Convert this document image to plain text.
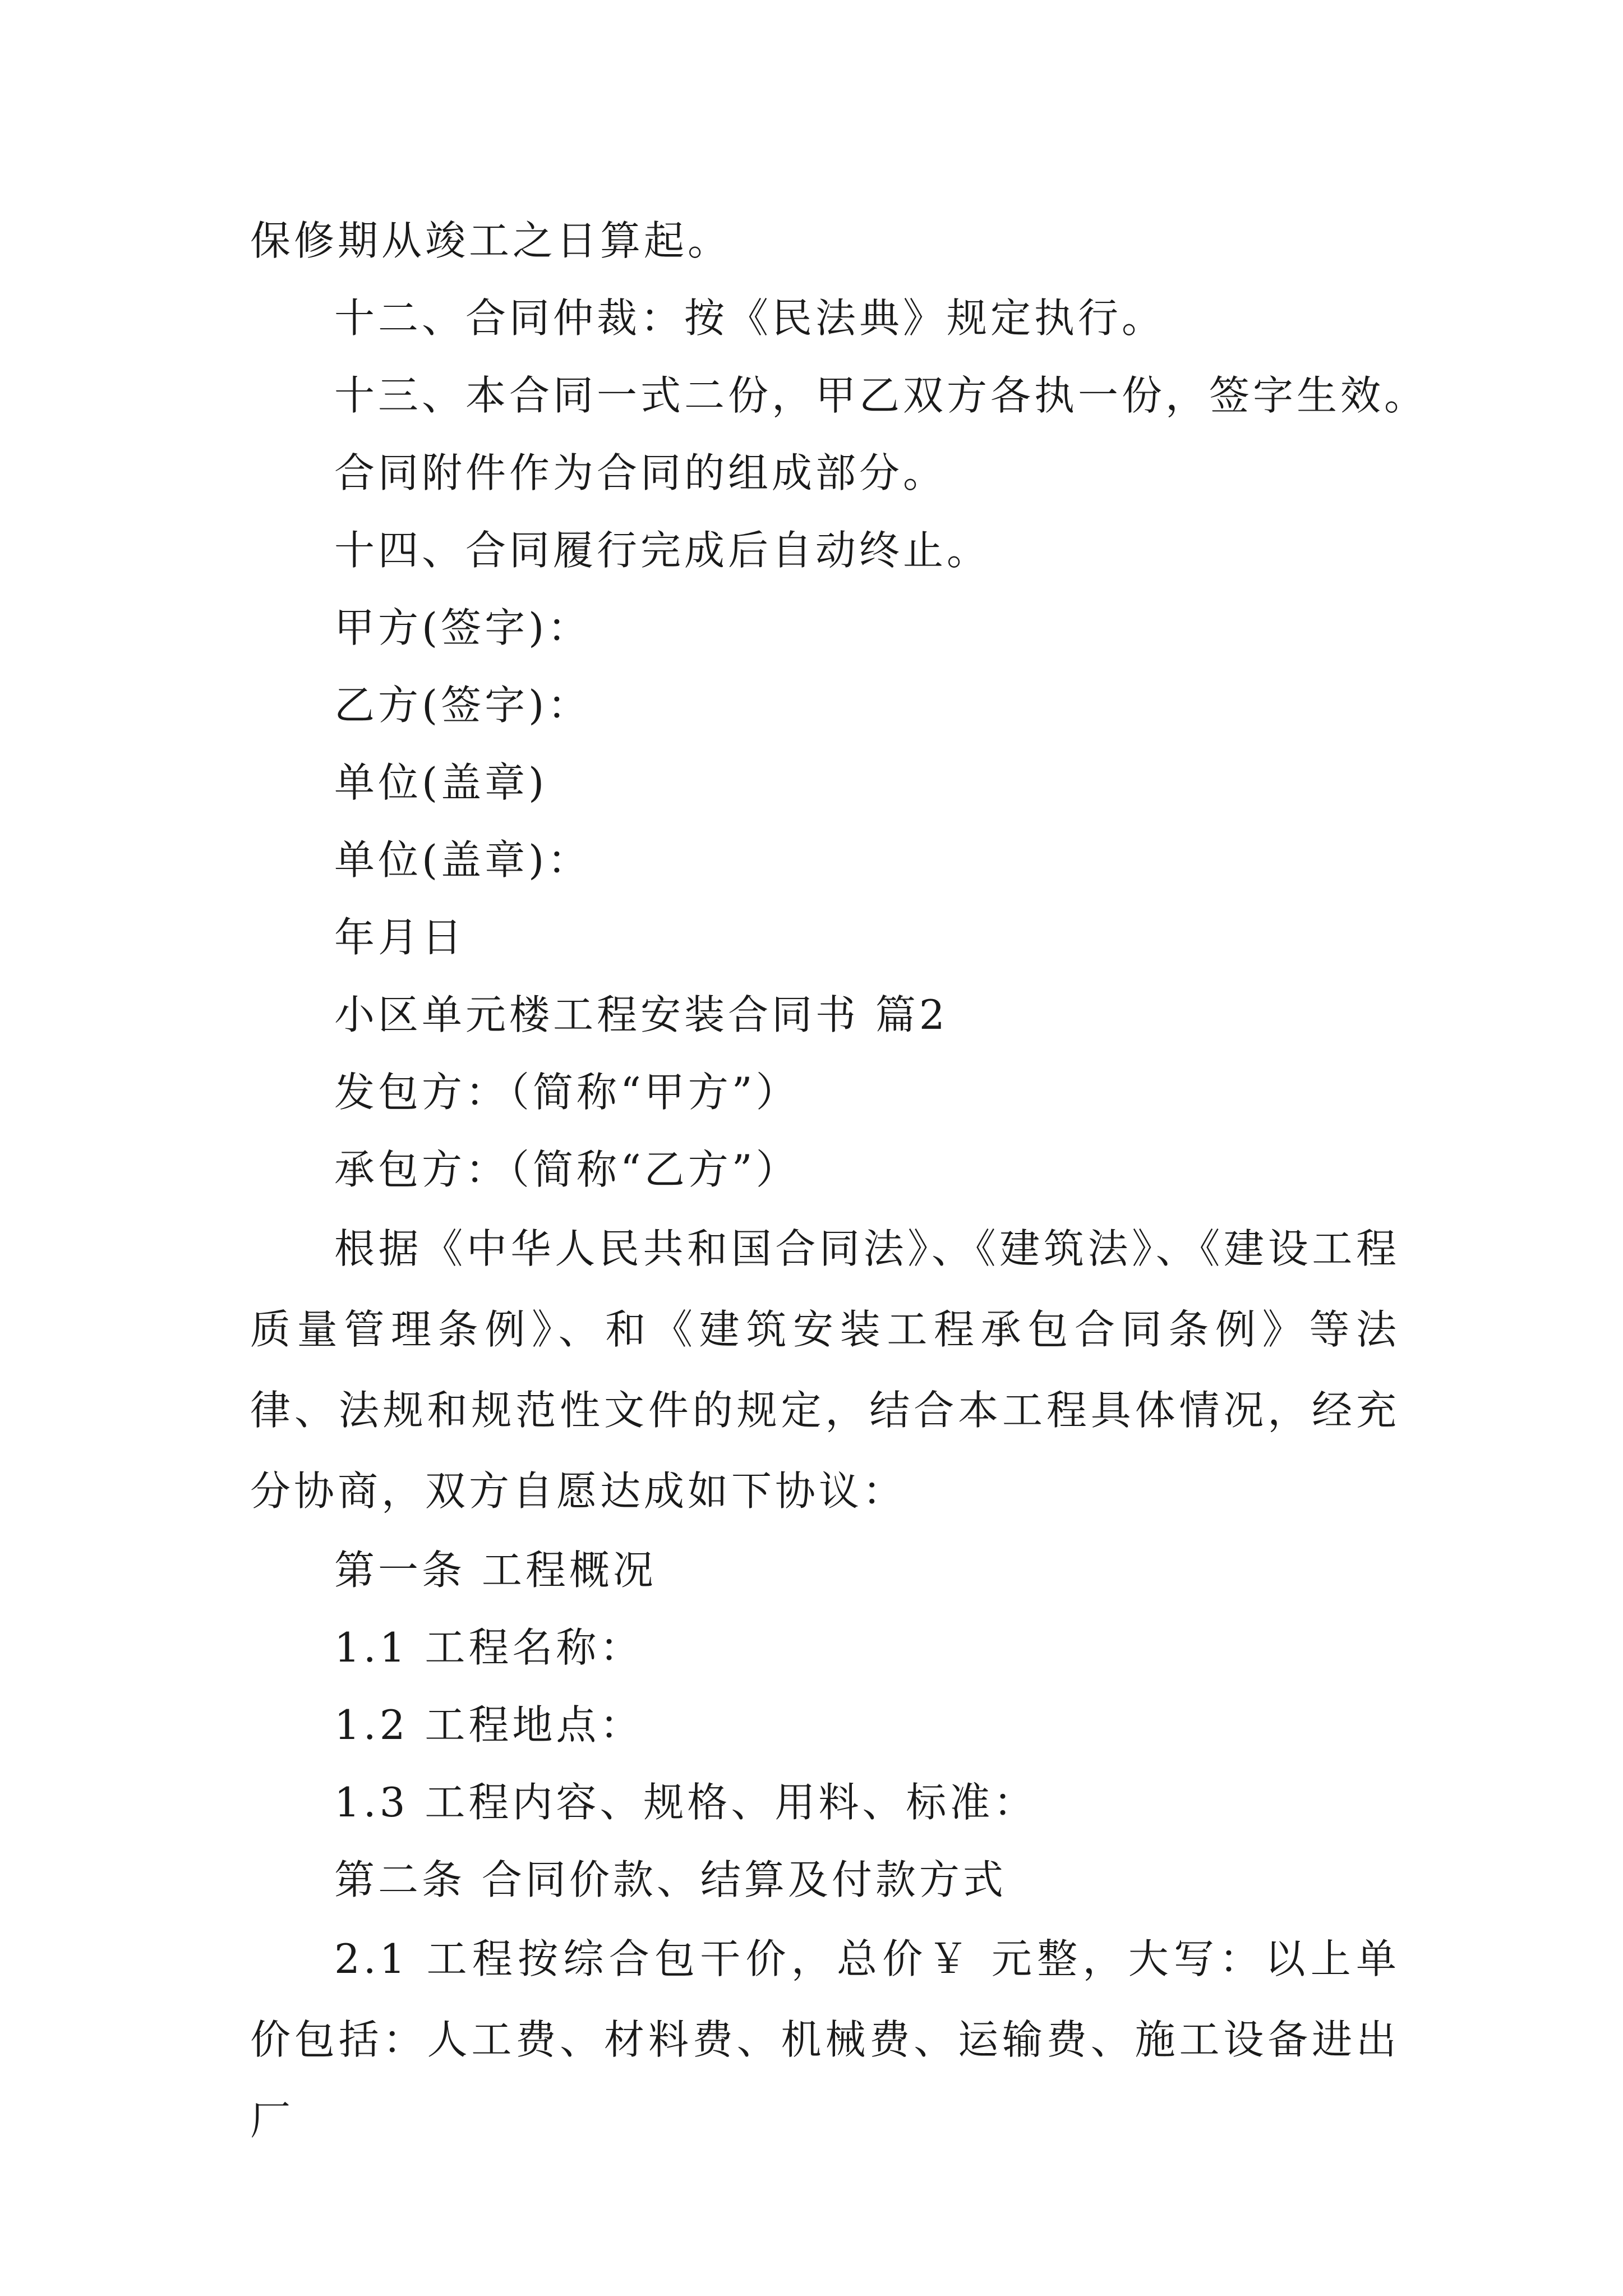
保修期从竣工之日算起。
十二、合同仲裁：按《民法典》规定执行。
十三、本合同一式二份，甲乙双方各执一份，签字生效。
合同附件作为合同的组成部分。
十四、合同履行完成后自动终止。
甲方(签字)：
乙方(签字)：
单位(盖章)
单位(盖章)：
年月日
小区单元楼工程安装合同书 篇2
发包方：（简称“甲方”）
承包方：（简称“乙方”）
根据《中华人民共和国合同法》、《建筑法》、《建设工程质量管理条例》、和《建筑安装工程承包合同条例》等法律、法规和规范性文件的规定，结合本工程具体情况，经充分协商，双方自愿达成如下协议：
第一条 工程概况
1.1 工程名称：
1.2 工程地点：
1.3 工程内容、规格、用料、标准：
第二条 合同价款、结算及付款方式
2.1 工程按综合包干价，总价￥ 元整，大写：以上单价包括：人工费、材料费、机械费、运输费、施工设备进出厂
